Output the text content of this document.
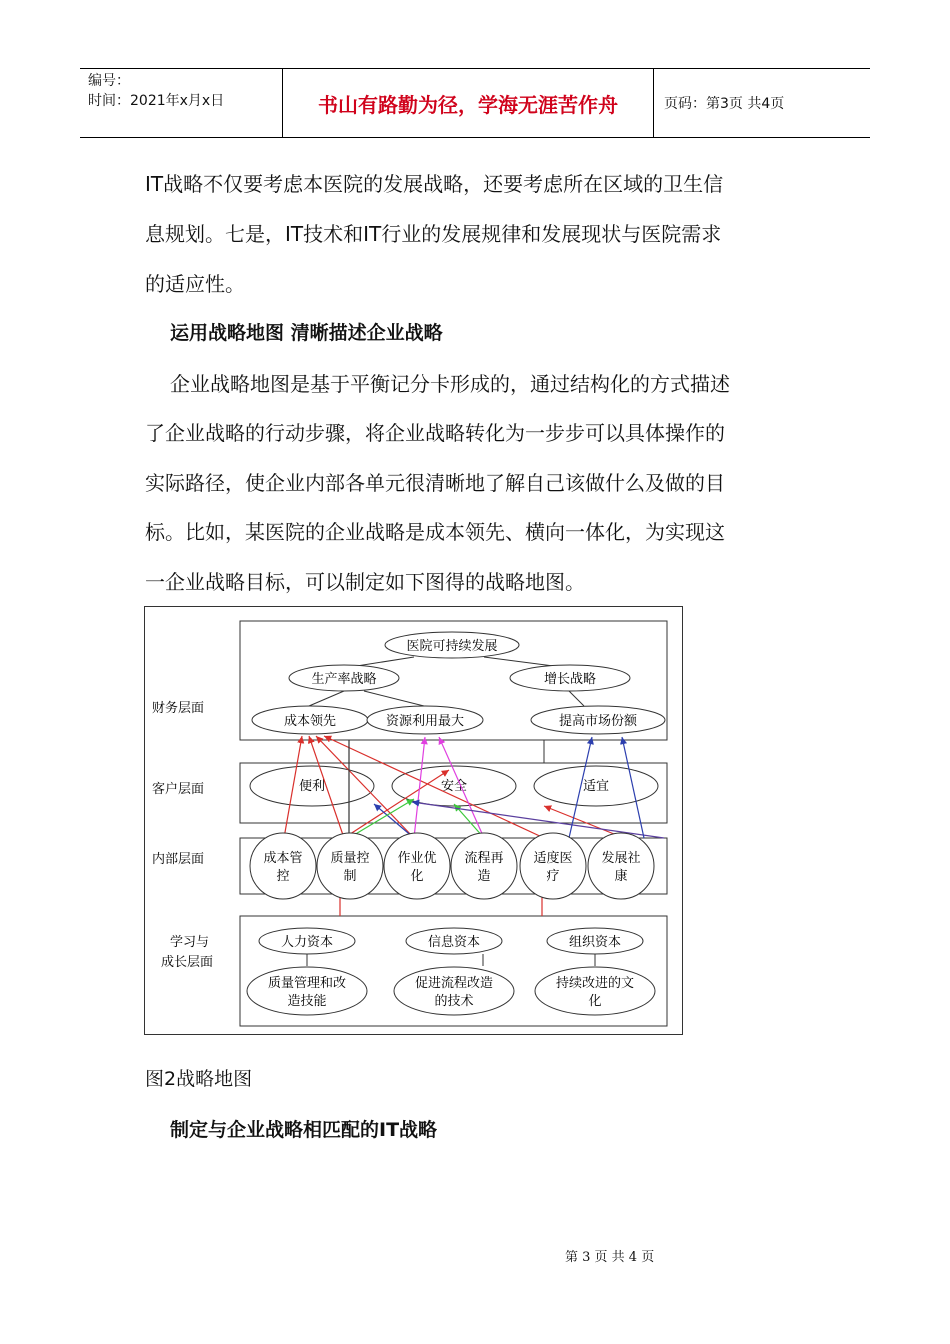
编号：
时间：2021年x月x日	书山有路勤为径，学海无涯苦作舟	页码：第3页 共4页
IT战略不仅要考虑本医院的发展战略，还要考虑所在区域的卫生信
息规划。七是，IT技术和IT行业的发展规律和发展现状与医院需求
的适应性。
运用战略地图 清晰描述企业战略
企业战略地图是基于平衡记分卡形成的，通过结构化的方式描述
了企业战略的行动步骤，将企业战略转化为一步步可以具体操作的
实际路径，使企业内部各单元很清晰地了解自己该做什么及做的目
标。比如，某医院的企业战略是成本领先、横向一体化，为实现这
一企业战略目标，可以制定如下图得的战略地图。
财务层面
客户层面
内部层面
学习与
成长层面
医院可持续发展
生产率战略	增长战略
成本领先	资源利用最大	提高市场份额
便利	安全	适宜
成本管
控
质量控
制
作业优
化
流程再
造
适度医
疗
发展社
康
人力资本	信息资本	组织资本
质量管理和改
造技能
促进流程改造
的技术
持续改进的文
化
图2战略地图
制定与企业战略相匹配的IT战略
第 3 页 共 4 页
